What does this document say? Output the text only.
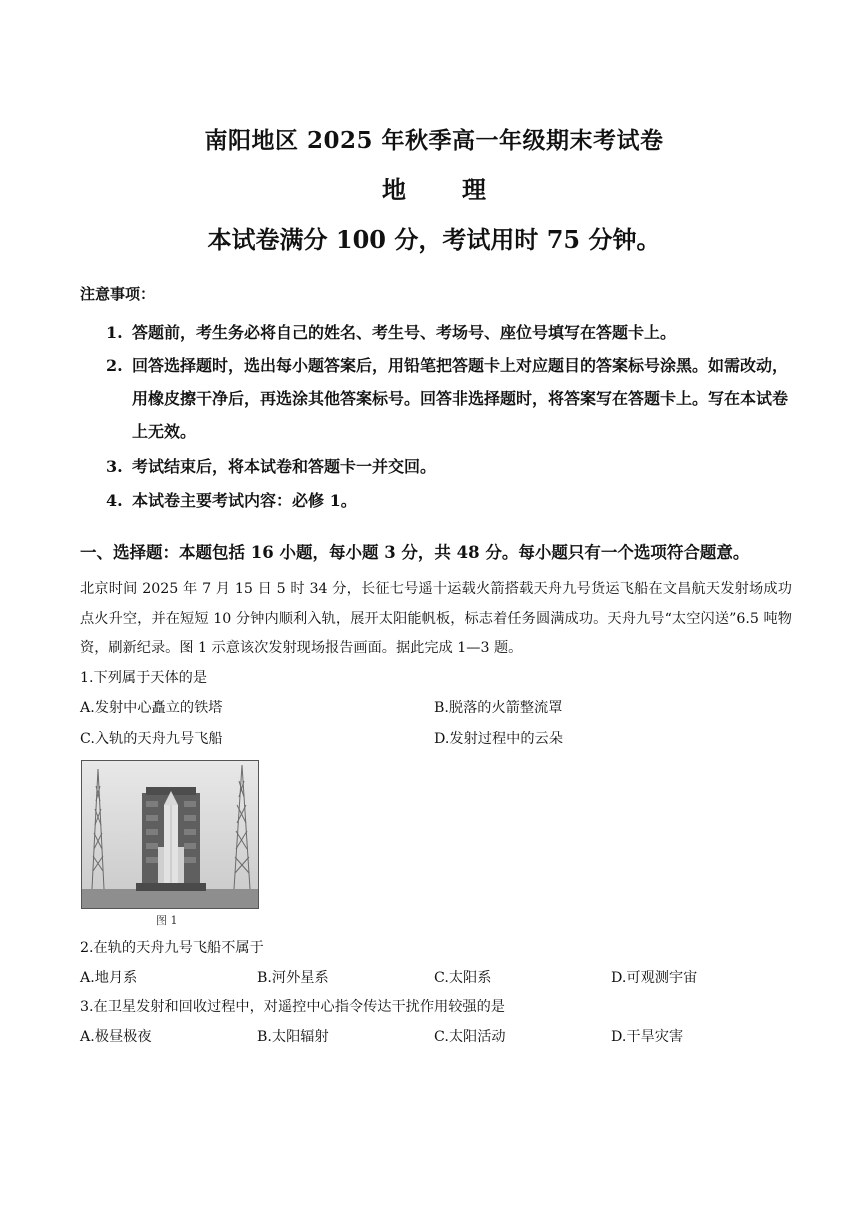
南阳地区 2025 年秋季高一年级期末考试卷
地 理
本试卷满分 100 分，考试用时 75 分钟。
注意事项：
1. 答题前，考生务必将自己的姓名、考生号、考场号、座位号填写在答题卡上。
2. 回答选择题时，选出每小题答案后，用铅笔把答题卡上对应题目的答案标号涂黑。如需改动，用橡皮擦干净后，再选涂其他答案标号。回答非选择题时，将答案写在答题卡上。写在本试卷上无效。
3. 考试结束后，将本试卷和答题卡一并交回。
4. 本试卷主要考试内容：必修 1。
一、选择题：本题包括 16 小题，每小题 3 分，共 48 分。每小题只有一个选项符合题意。
北京时间 2025 年 7 月 15 日 5 时 34 分，长征七号遥十运载火箭搭载天舟九号货运飞船在文昌航天发射场成功点火升空，并在短短 10 分钟内顺利入轨，展开太阳能帆板，标志着任务圆满成功。天舟九号“太空闪送”6.5 吨物资，刷新纪录。图 1 示意该次发射现场报告画面。据此完成 1—3 题。
1.下列属于天体的是
A.发射中心矗立的铁塔	B.脱落的火箭整流罩
C.入轨的天舟九号飞船	D.发射过程中的云朵
图 1
2.在轨的天舟九号飞船不属于
A.地月系	B.河外星系	C.太阳系	D.可观测宇宙
3.在卫星发射和回收过程中，对遥控中心指令传达干扰作用较强的是
A.极昼极夜	B.太阳辐射	C.太阳活动	D.干旱灾害
